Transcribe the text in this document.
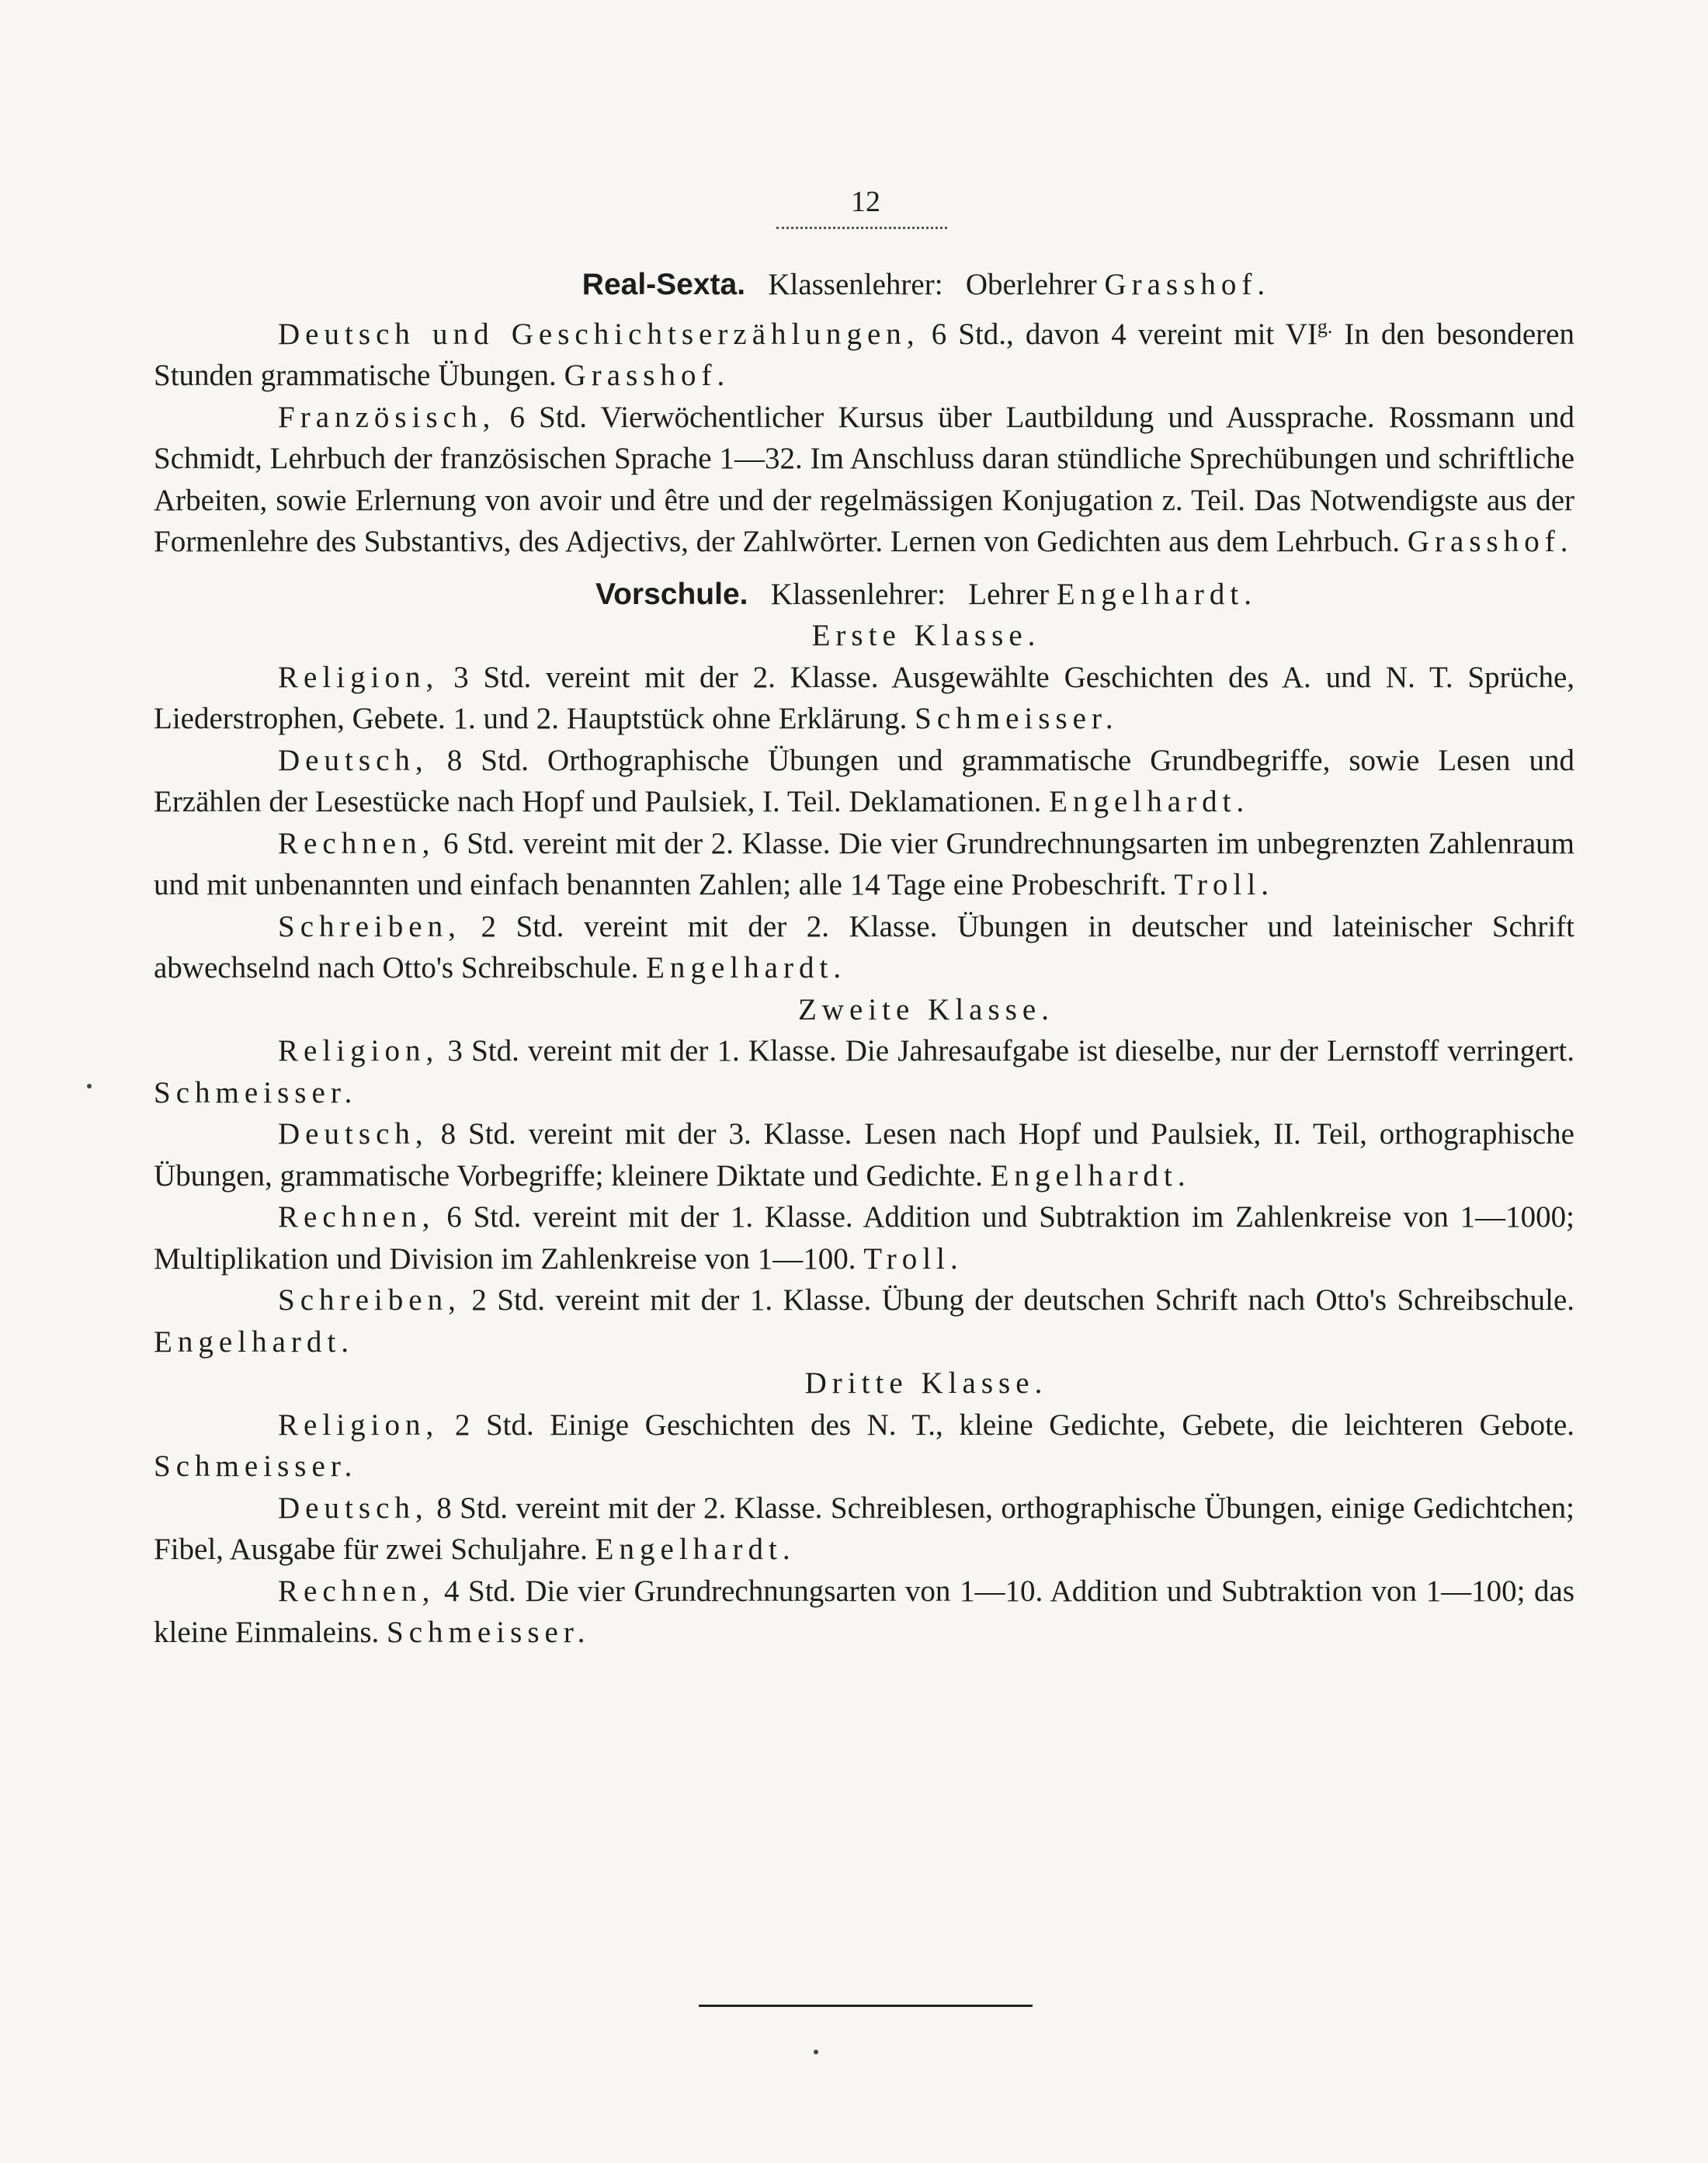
12

Real-Sexta. Klassenlehrer: Oberlehrer Grasshof.

Deutsch und Geschichtserzählungen, 6 Std., davon 4 vereint mit $VI^{g.}$ In den besonderen Stunden grammatische Übungen. Grasshof.

Französisch, 6 Std. Vierwöchentlicher Kursus über Lautbildung und Aussprache. Rossmann und Schmidt, Lehrbuch der französischen Sprache 1—32. Im Anschluss daran stündliche Sprechübungen und schriftliche Arbeiten, sowie Erlernung von avoir und être und der regelmässigen Konjugation z. Teil. Das Notwendigste aus der Formenlehre des Substantivs, des Adjectivs, der Zahlwörter. Lernen von Gedichten aus dem Lehrbuch. Grasshof.

Vorschule. Klassenlehrer: Lehrer Engelhardt.

Erste Klasse.

Religion, 3 Std. vereint mit der 2. Klasse. Ausgewählte Geschichten des A. und N. T. Sprüche, Liederstrophen, Gebete. 1. und 2. Hauptstück ohne Erklärung. Schmeisser.

Deutsch, 8 Std. Orthographische Übungen und grammatische Grundbegriffe, sowie Lesen und Erzählen der Lesestücke nach Hopf und Paulsiek, I. Teil. Deklamationen. Engelhardt.

Rechnen, 6 Std. vereint mit der 2. Klasse. Die vier Grundrechnungsarten im unbegrenzten Zahlenraum und mit unbenannten und einfach benannten Zahlen; alle 14 Tage eine Probeschrift. Troll.

Schreiben, 2 Std. vereint mit der 2. Klasse. Übungen in deutscher und lateinischer Schrift abwechselnd nach Otto's Schreibschule. Engelhardt.

Zweite Klasse.

Religion, 3 Std. vereint mit der 1. Klasse. Die Jahresaufgabe ist dieselbe, nur der Lernstoff verringert. Schmeisser.

Deutsch, 8 Std. vereint mit der 3. Klasse. Lesen nach Hopf und Paulsiek, II. Teil, orthographische Übungen, grammatische Vorbegriffe; kleinere Diktate und Gedichte. Engelhardt.

Rechnen, 6 Std. vereint mit der 1. Klasse. Addition und Subtraktion im Zahlenkreise von 1—1000; Multiplikation und Division im Zahlenkreise von 1—100. Troll.

Schreiben, 2 Std. vereint mit der 1. Klasse. Übung der deutschen Schrift nach Otto's Schreibschule. Engelhardt.

Dritte Klasse.

Religion, 2 Std. Einige Geschichten des N. T., kleine Gedichte, Gebete, die leichteren Gebote. Schmeisser.

Deutsch, 8 Std. vereint mit der 2. Klasse. Schreiblesen, orthographische Übungen, einige Gedichtchen; Fibel, Ausgabe für zwei Schuljahre. Engelhardt.

Rechnen, 4 Std. Die vier Grundrechnungsarten von 1—10. Addition und Subtraktion von 1—100; das kleine Einmaleins. Schmeisser.
